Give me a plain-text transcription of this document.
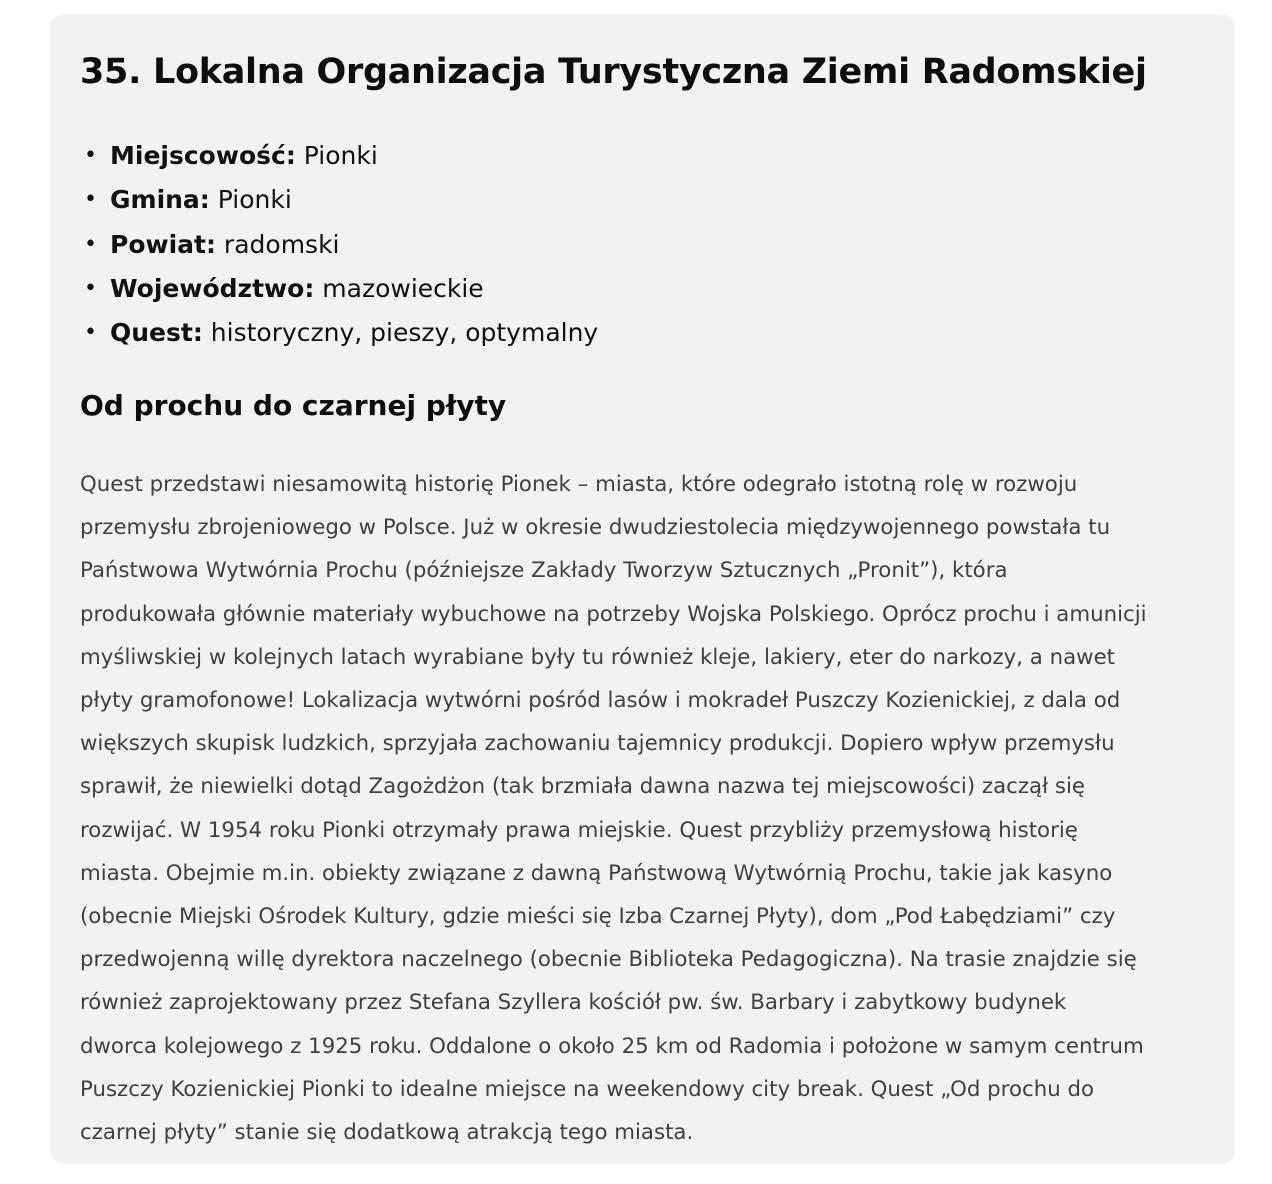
35. Lokalna Organizacja Turystyczna Ziemi Radomskiej
• Miejscowość: Pionki
• Gmina: Pionki
• Powiat: radomski
• Województwo: mazowieckie
• Quest: historyczny, pieszy, optymalny
Od prochu do czarnej płyty

Quest przedstawi niesamowitą historię Pionek – miasta, które odegrało istotną rolę w rozwoju
przemysłu zbrojeniowego w Polsce. Już w okresie dwudziestolecia międzywojennego powstała tu
Państwowa Wytwórnia Prochu (późniejsze Zakłady Tworzyw Sztucznych „Pronit”), która
produkowała głównie materiały wybuchowe na potrzeby Wojska Polskiego. Oprócz prochu i amunicji
myśliwskiej w kolejnych latach wyrabiane były tu również kleje, lakiery, eter do narkozy, a nawet
płyty gramofonowe! Lokalizacja wytwórni pośród lasów i mokradeł Puszczy Kozienickiej, z dala od
większych skupisk ludzkich, sprzyjała zachowaniu tajemnicy produkcji. Dopiero wpływ przemysłu
sprawił, że niewielki dotąd Zagożdżon (tak brzmiała dawna nazwa tej miejscowości) zaczął się
rozwijać. W 1954 roku Pionki otrzymały prawa miejskie. Quest przybliży przemysłową historię
miasta. Obejmie m.in. obiekty związane z dawną Państwową Wytwórnią Prochu, takie jak kasyno
(obecnie Miejski Ośrodek Kultury, gdzie mieści się Izba Czarnej Płyty), dom „Pod Łabędziami” czy
przedwojenną willę dyrektora naczelnego (obecnie Biblioteka Pedagogiczna). Na trasie znajdzie się
również zaprojektowany przez Stefana Szyllera kościół pw. św. Barbary i zabytkowy budynek
dworca kolejowego z 1925 roku. Oddalone o około 25 km od Radomia i położone w samym centrum
Puszczy Kozienickiej Pionki to idealne miejsce na weekendowy city break. Quest „Od prochu do
czarnej płyty” stanie się dodatkową atrakcją tego miasta.
